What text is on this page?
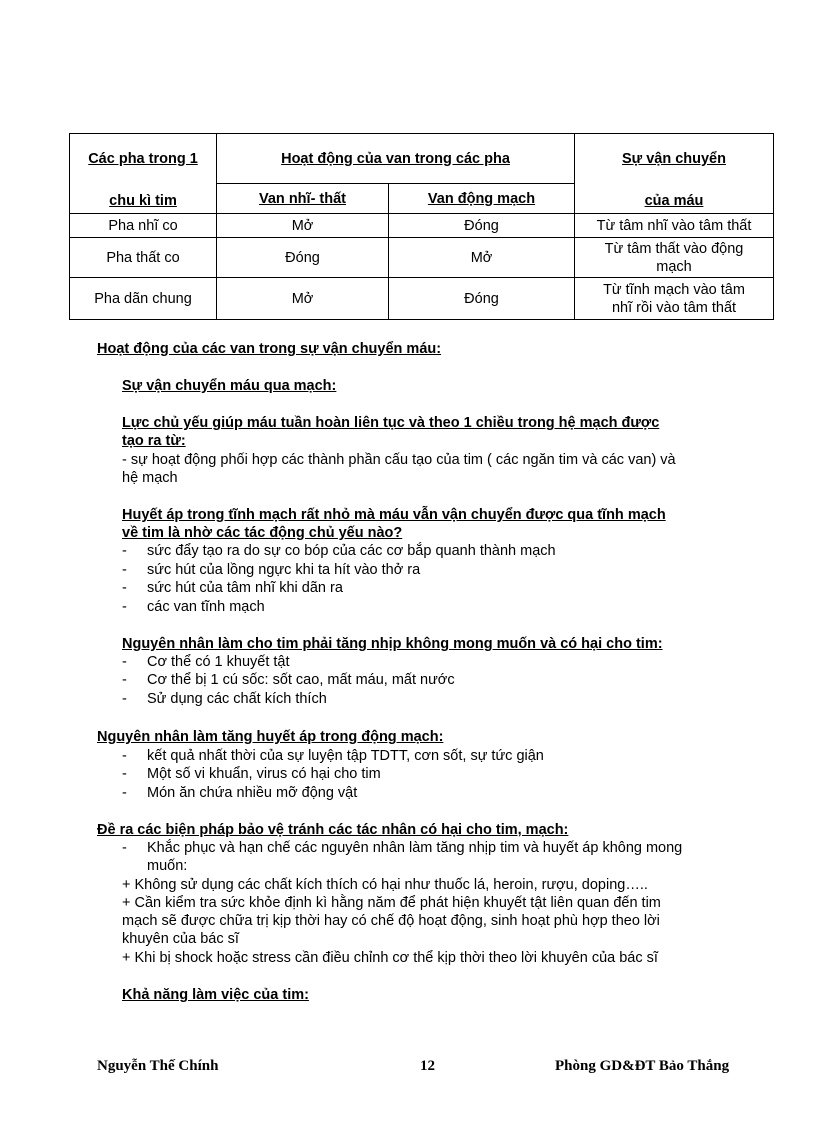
Các pha trong 1
chu kì tim	Hoạt động của van trong các pha		Sự vận chuyển
của máu

	Van nhĩ- thất	Van động mạch	
Pha nhĩ co	Mở	Đóng	Từ tâm nhĩ vào tâm thất
Pha thất co	Đóng	Mở	Từ tâm thất vào động
mạch
Pha dãn chung	Mở	Đóng	Từ tĩnh mạch vào tâm
nhĩ rồi vào tâm thất
Hoạt động của các van trong sự vận chuyển máu:
Sự vận chuyển máu qua mạch:
Lực chủ yếu giúp máu tuần hoàn liên tục và theo 1 chiều trong hệ mạch được
tạo ra từ:
- sự hoạt động phối hợp các thành phần cấu tạo của tim ( các ngăn tim và các van) và
hệ mạch
Huyết áp trong tĩnh mạch rất nhỏ mà máu vẫn vận chuyển được qua tĩnh mạch
về tim là nhờ các tác động chủ yếu nào?
- sức đẩy tạo ra do sự co bóp của các cơ bắp quanh thành mạch
- sức hút của lồng ngực khi ta hít vào thở ra
- sức hút của tâm nhĩ khi dãn ra
- các van tĩnh mạch
Nguyên nhân làm cho tim phải tăng nhịp không mong muốn và có hại cho tim:
- Cơ thể có 1 khuyết tật
- Cơ thể bị 1 cú sốc: sốt cao, mất máu, mất nước
- Sử dụng các chất kích thích
Nguyên nhân làm tăng huyết áp trong động mạch:
- kết quả nhất thời của sự luyện tập TDTT, cơn sốt, sự tức giận
- Một số vi khuẩn, virus có hại cho tim
- Món ăn chứa nhiều mỡ động vật
Đề ra các biện pháp bảo vệ tránh các tác nhân có hại cho tim, mạch:
- Khắc phục và hạn chế các nguyên nhân làm tăng nhịp tim và huyết áp không mong
muốn:
+ Không sử dụng các chất kích thích có hại như thuốc lá, heroin, rượu, doping…..
+ Cần kiểm tra sức khỏe định kì hằng năm để phát hiện khuyết tật liên quan đến tim
mạch sẽ được chữa trị kịp thời hay có chế độ hoạt động, sinh hoạt phù hợp theo lời
khuyên của bác sĩ
+ Khi bị shock hoặc stress cần điều chỉnh cơ thể kịp thời theo lời khuyên của bác sĩ
Khả năng làm việc của tim:
Nguyễn Thế Chính	12	Phòng GD&ĐT Bảo Thắng
